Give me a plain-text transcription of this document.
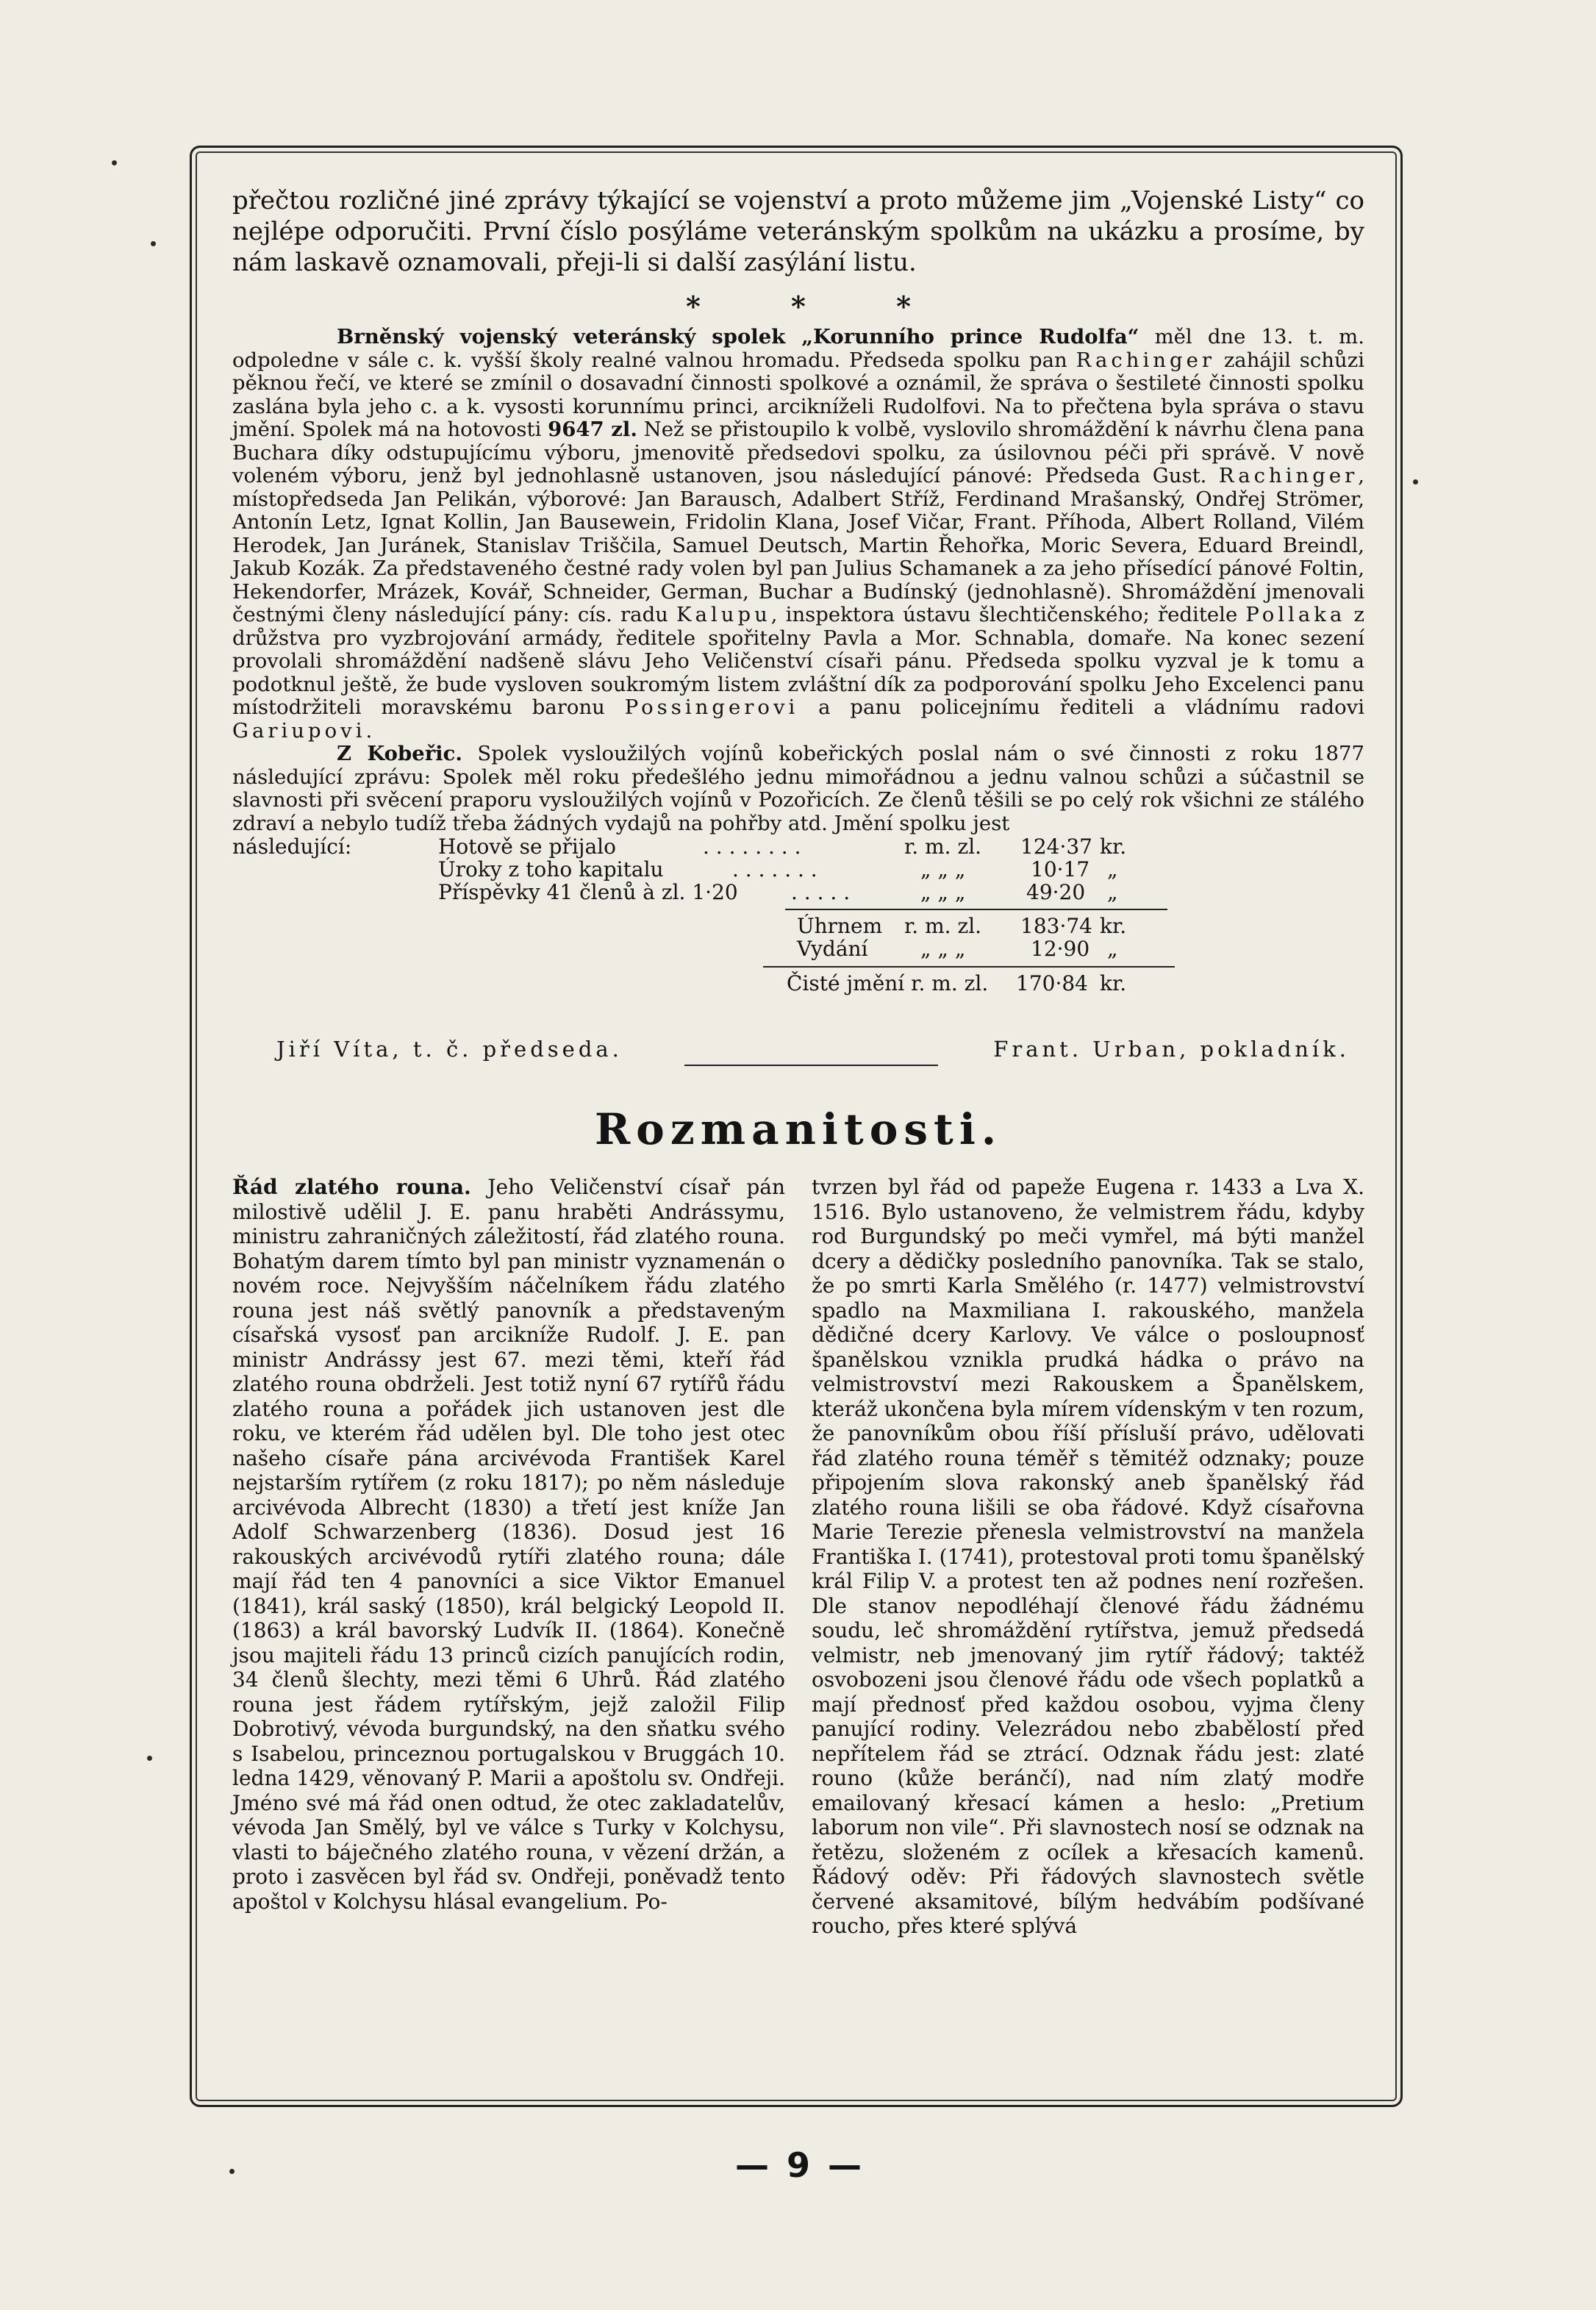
přečtou rozličné jiné zprávy týkající se vojenství a proto můžeme jim „Vojenské Listy“ co nejlépe odporučiti. První číslo posýláme veteránským spolkům na ukázku a prosíme, by nám laskavě oznamovali, přeji-li si další zasýlání listu.

* * *

Brněnský vojenský veteránský spolek „Korunního prince Rudolfa“ měl dne 13. t. m. odpoledne v sále c. k. vyšší školy realné valnou hromadu. Předseda spolku pan Rachinger zahájil schůzi pěknou řečí, ve které se zmínil o dosavadní činnosti spolkové a oznámil, že správa o šestileté činnosti spolku zaslána byla jeho c. a k. vysosti korunnímu princi, arcikníželi Rudolfovi. Na to přečtena byla správa o stavu jmění. Spolek má na hotovosti 9647 zl. Než se přistoupilo k volbě, vyslovilo shromáždění k návrhu člena pana Buchara díky odstupujícímu výboru, jmenovitě předsedovi spolku, za úsilovnou péči při správě. V nově voleném výboru, jenž byl jednohlasně ustanoven, jsou následující pánové: Předseda Gust. Rachinger, místopředseda Jan Pelikán, výborové: Jan Barausch, Adalbert Stříž, Ferdinand Mrašanský, Ondřej Strömer, Antonín Letz, Ignat Kollin, Jan Bausewein, Fridolin Klana, Josef Vičar, Frant. Příhoda, Albert Rolland, Vilém Herodek, Jan Juránek, Stanislav Triščila, Samuel Deutsch, Martin Řehořka, Moric Severa, Eduard Breindl, Jakub Kozák. Za představeného čestné rady volen byl pan Julius Schamanek a za jeho přísedící pánové Foltin, Hekendorfer, Mrázek, Kovář, Schneider, German, Buchar a Budínský (jednohlasně). Shromáždění jmenovali čestnými členy následující pány: cís. radu Kalupu, inspektora ústavu šlechtičenského; ředitele Pollaka z drůžstva pro vyzbrojování armády, ředitele spořitelny Pavla a Mor. Schnabla, domaře. Na konec sezení provolali shromáždění nadšeně slávu Jeho Veličenství císaři pánu. Předseda spolku vyzval je k tomu a podotknul ještě, že bude vysloven soukromým listem zvláštní dík za podporování spolku Jeho Excelenci panu místodržiteli moravskému baronu Possingerovi a panu policejnímu řediteli a vládnímu radovi Gariupovi.

Z Kobeřic. Spolek vysloužilých vojínů kobeřických poslal nám o své činnosti z roku 1877 následující zprávu: Spolek měl roku předešlého jednu mimořádnou a jednu valnou schůzi a súčastnil se slavnosti při svěcení praporu vysloužilých vojínů v Pozořicích. Ze členů těšili se po celý rok všichni ze stálého zdraví a nebylo tudíž třeba žádných vydajů na pohřby atd. Jmění spolku jest

následující:	Hotově se přijalo	. . . . . . . .	r. m. zl. 124·37 kr.
Úroky z toho kapitalu	. . . . . . .	„ „ „	10·17 „
Příspěvky 41 členů à zl. 1·20	. . . . .	„ „ „	49·20 „
Úhrnem r. m. zl. 183·74 kr.
Vydání	„ „ „	12·90 „
Čisté jmění r. m. zl. 170·84 kr.
Jiří Víta, t. č. předseda.	Frant. Urban, pokladník.
Rozmanitosti.

Řád zlatého rouna. Jeho Veličenství císař pán milostivě udělil J. E. panu hraběti Andrássymu, ministru zahraničných záležitostí, řád zlatého rouna. Bohatým darem tímto byl pan ministr vyznamenán o novém roce. Nejvyšším náčelníkem řádu zlatého rouna jest náš světlý panovník a představeným císařská vysosť pan arcikníže Rudolf. J. E. pan ministr Andrássy jest 67. mezi těmi, kteří řád zlatého rouna obdrželi. Jest totiž nyní 67 rytířů řádu zlatého rouna a pořádek jich ustanoven jest dle roku, ve kterém řád udělen byl. Dle toho jest otec našeho císaře pána arcivévoda František Karel nejstarším rytířem (z roku 1817); po něm následuje arcivévoda Albrecht (1830) a třetí jest kníže Jan Adolf Schwarzenberg (1836). Dosud jest 16 rakouských arcivévodů rytíři zlatého rouna; dále mají řád ten 4 panovníci a sice Viktor Emanuel (1841), král saský (1850), král belgický Leopold II. (1863) a král bavorský Ludvík II. (1864). Konečně jsou majiteli řádu 13 princů cizích panujících rodin, 34 členů šlechty, mezi těmi 6 Uhrů. Řád zlatého rouna jest řádem rytířským, jejž založil Filip Dobrotivý, vévoda burgundský, na den sňatku svého s Isabelou, princeznou portugalskou v Bruggách 10. ledna 1429, věnovaný P. Marii a apoštolu sv. Ondřeji. Jméno své má řád onen odtud, že otec zakladatelův, vévoda Jan Smělý, byl ve válce s Turky v Kolchysu, vlasti to báječného zlatého rouna, v vězení držán, a proto i zasvěcen byl řád sv. Ondřeji, poněvadž tento apoštol v Kolchysu hlásal evangelium. Po-

tvrzen byl řád od papeže Eugena r. 1433 a Lva X. 1516. Bylo ustanoveno, že velmistrem řádu, kdyby rod Burgundský po meči vymřel, má býti manžel dcery a dědičky posledního panovníka. Tak se stalo, že po smrti Karla Smělého (r. 1477) velmistrovství spadlo na Maxmiliana I. rakouského, manžela dědičné dcery Karlovy. Ve válce o posloupnosť španělskou vznikla prudká hádka o právo na velmistrovství mezi Rakouskem a Španělskem, kteráž ukončena byla mírem vídenským v ten rozum, že panovníkům obou říší přísluší právo, udělovati řád zlatého rouna téměř s těmitéž odznaky; pouze připojením slova rakonský aneb španělský řád zlatého rouna lišili se oba řádové. Když císařovna Marie Terezie přenesla velmistrovství na manžela Františka I. (1741), protestoval proti tomu španělský král Filip V. a protest ten až podnes není rozřešen. Dle stanov nepodléhají členové řádu žádnému soudu, leč shromáždění rytířstva, jemuž předsedá velmistr, neb jmenovaný jim rytíř řádový; taktéž osvobozeni jsou členové řádu ode všech poplatků a mají přednosť před každou osobou, vyjma členy panující rodiny. Velezrádou nebo zbabělostí před nepřítelem řád se ztrácí. Odznak řádu jest: zlaté rouno (kůže beránčí), nad ním zlatý modře emailovaný křesací kámen a heslo: „Pretium laborum non vile“. Při slavnostech nosí se odznak na řetězu, složeném z ocílek a křesacích kamenů. Řádový oděv: Při řádových slavnostech světle červené aksamitové, bílým hedvábím podšívané roucho, přes které splývá

— 9 —
